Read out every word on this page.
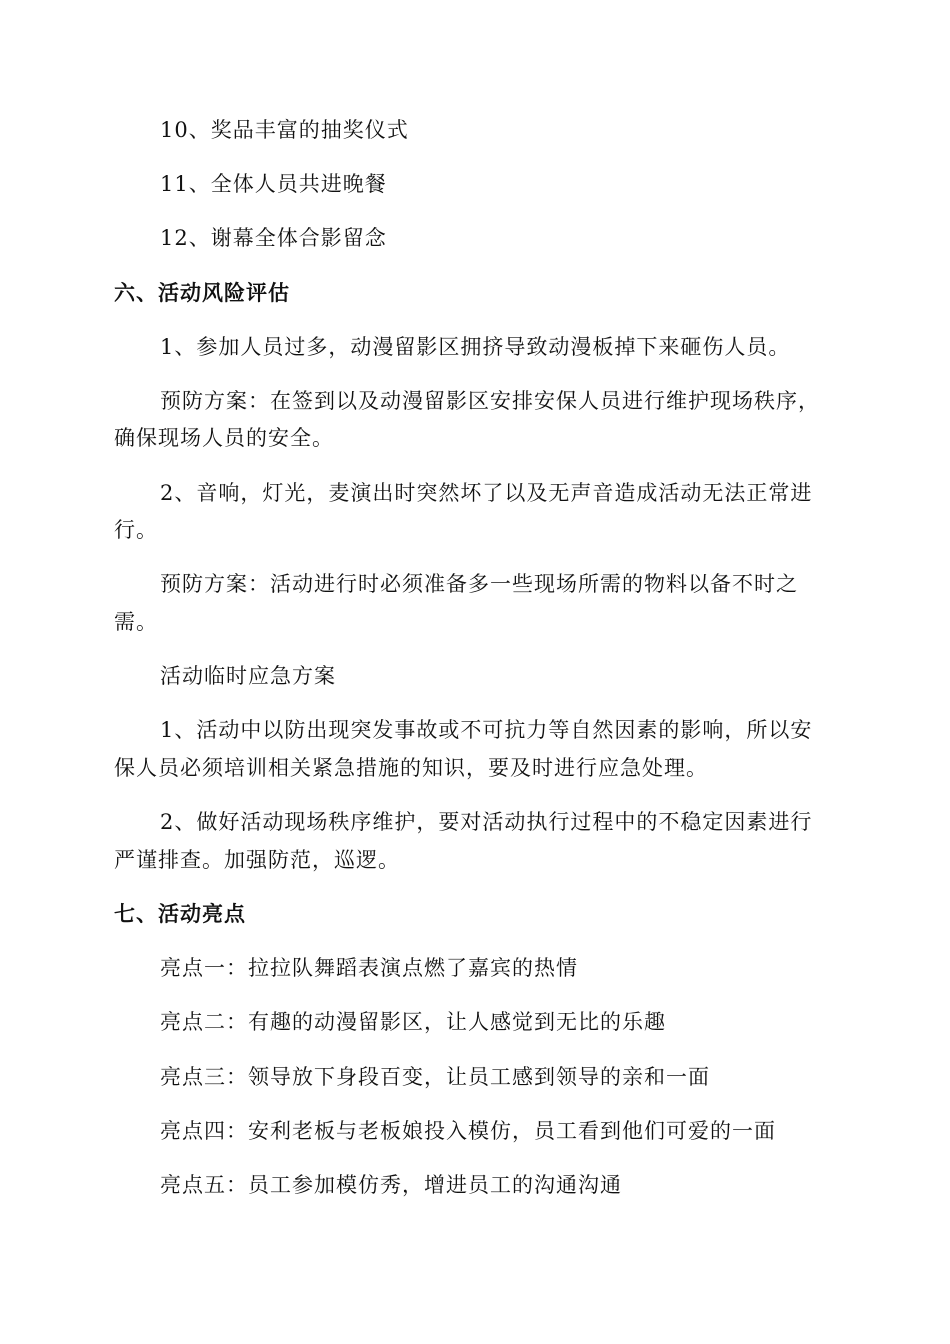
10、奖品丰富的抽奖仪式
11、全体人员共进晚餐
12、谢幕全体合影留念
六、活动风险评估
1、参加人员过多，动漫留影区拥挤导致动漫板掉下来砸伤人员。
预防方案：在签到以及动漫留影区安排安保人员进行维护现场秩序，
确保现场人员的安全。
2、音响，灯光，麦演出时突然坏了以及无声音造成活动无法正常进
行。
预防方案：活动进行时必须准备多一些现场所需的物料以备不时之
需。
活动临时应急方案
1、活动中以防出现突发事故或不可抗力等自然因素的影响，所以安
保人员必须培训相关紧急措施的知识，要及时进行应急处理。
2、做好活动现场秩序维护，要对活动执行过程中的不稳定因素进行
严谨排查。加强防范，巡逻。
七、活动亮点
亮点一：拉拉队舞蹈表演点燃了嘉宾的热情
亮点二：有趣的动漫留影区，让人感觉到无比的乐趣
亮点三：领导放下身段百变，让员工感到领导的亲和一面
亮点四：安利老板与老板娘投入模仿，员工看到他们可爱的一面
亮点五：员工参加模仿秀，增进员工的沟通沟通
